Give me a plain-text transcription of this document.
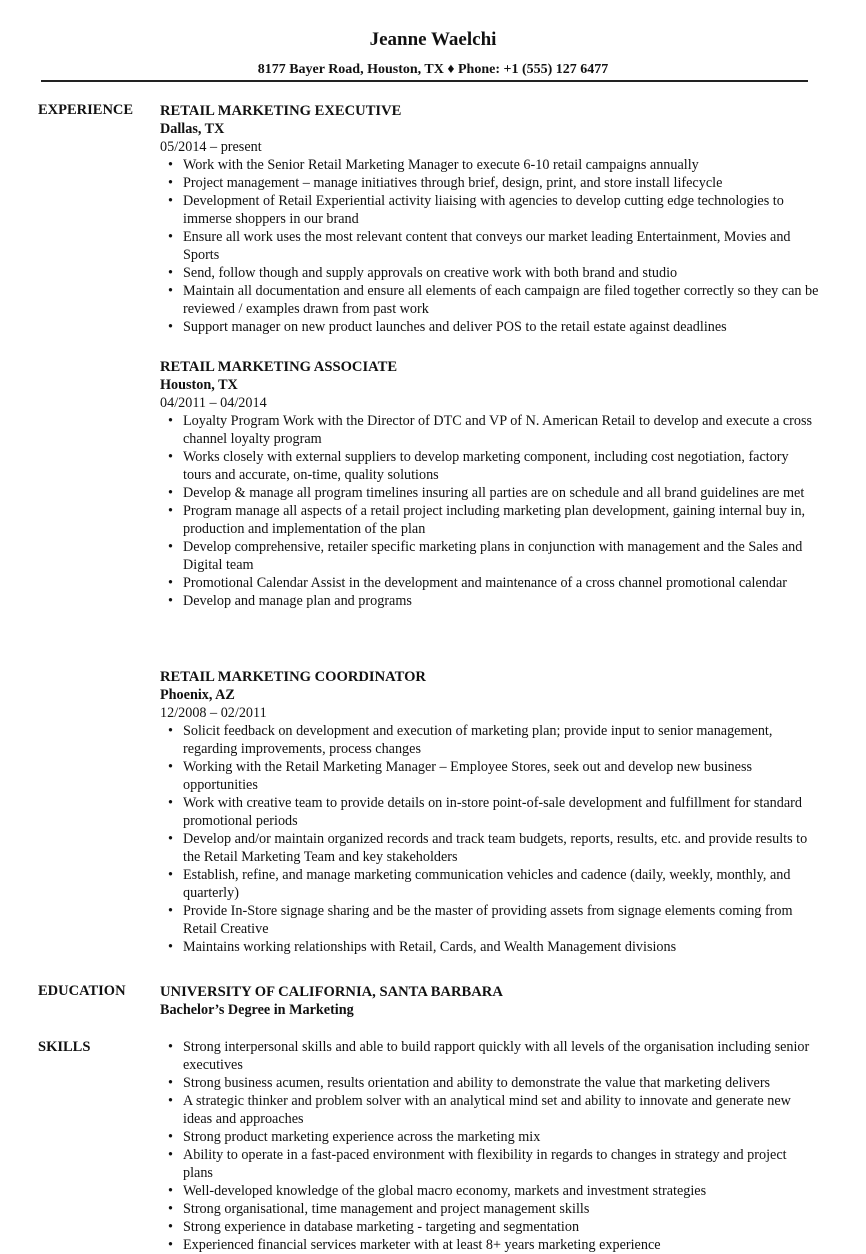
Jeanne Waelchi
8177 Bayer Road, Houston, TX ♦ Phone: +1 (555) 127 6477
EXPERIENCE RETAIL MARKETING EXECUTIVE
Dallas, TX
05/2014 – present
• Work with the Senior Retail Marketing Manager to execute 6-10 retail campaigns annually
• Project management – manage initiatives through brief, design, print, and store install lifecycle
• Development of Retail Experiential activity liaising with agencies to develop cutting edge technologies to immerse shoppers in our brand
• Ensure all work uses the most relevant content that conveys our market leading Entertainment, Movies and Sports
• Send, follow though and supply approvals on creative work with both brand and studio
• Maintain all documentation and ensure all elements of each campaign are filed together correctly so they can be reviewed / examples drawn from past work
• Support manager on new product launches and deliver POS to the retail estate against deadlines
RETAIL MARKETING ASSOCIATE
Houston, TX
04/2011 – 04/2014
• Loyalty Program Work with the Director of DTC and VP of N. American Retail to develop and execute a cross channel loyalty program
• Works closely with external suppliers to develop marketing component, including cost negotiation, factory tours and accurate, on-time, quality solutions
• Develop & manage all program timelines insuring all parties are on schedule and all brand guidelines are met
• Program manage all aspects of a retail project including marketing plan development, gaining internal buy in, production and implementation of the plan
• Develop comprehensive, retailer specific marketing plans in conjunction with management and the Sales and Digital team
• Promotional Calendar Assist in the development and maintenance of a cross channel promotional calendar
• Develop and manage plan and programs
RETAIL MARKETING COORDINATOR
Phoenix, AZ
12/2008 – 02/2011
• Solicit feedback on development and execution of marketing plan; provide input to senior management, regarding improvements, process changes
• Working with the Retail Marketing Manager – Employee Stores, seek out and develop new business opportunities
• Work with creative team to provide details on in-store point-of-sale development and fulfillment for standard promotional periods
• Develop and/or maintain organized records and track team budgets, reports, results, etc. and provide results to the Retail Marketing Team and key stakeholders
• Establish, refine, and manage marketing communication vehicles and cadence (daily, weekly, monthly, and quarterly)
• Provide In-Store signage sharing and be the master of providing assets from signage elements coming from Retail Creative
• Maintains working relationships with Retail, Cards, and Wealth Management divisions
EDUCATION UNIVERSITY OF CALIFORNIA, SANTA BARBARA
Bachelor’s Degree in Marketing
SKILLS
•	Strong interpersonal skills and able to build rapport quickly with all levels of the organisation including senior executives
• Strong business acumen, results orientation and ability to demonstrate the value that marketing delivers
• A strategic thinker and problem solver with an analytical mind set and ability to innovate and generate new ideas and approaches
• Strong product marketing experience across the marketing mix
• Ability to operate in a fast-paced environment with flexibility in regards to changes in strategy and project plans
• Well-developed knowledge of the global macro economy, markets and investment strategies
• Strong organisational, time management and project management skills
• Strong experience in database marketing - targeting and segmentation
• Experienced financial services marketer with at least 8+ years marketing experience
